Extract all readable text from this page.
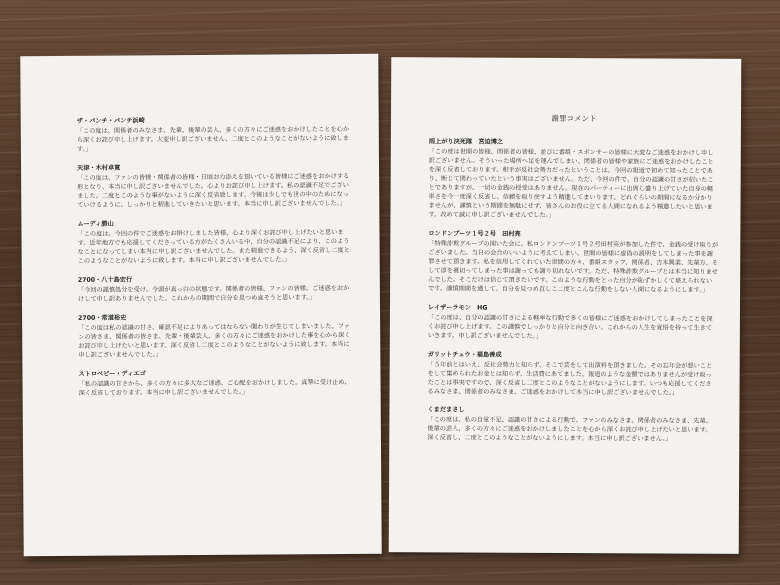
ザ・パンチ・パンチ浜崎

「この度は、関係者のみなさま、先輩、後輩の芸人、多くの方々にご迷惑をおかけしたことを心から深くお詫び申し上げます。大変申し訳ございません、二度とこのようなことがないように致します。」

天津・木村卓寛

「この度は、ファンの皆様・関係者の皆様・日頃お力添えを頂いている皆様にご迷惑をおかけする形となり、本当に申し訳ございませんでした。心よりお詫び申し上げます。私の認識不足でございました。二度とこのような事がないように深く反省致します。今後は少しでも世の中のためになっていけるように、しっかりと精進していきたいと思います。本当に申し訳ございませんでした。」

ムーディ勝山

「この度は、今回の件でご迷惑をお掛けしました皆様、心より深くお詫び申し上げたいと思います。近年地方でも応援してくださっている方がたくさんいる中、自分の認識不足により、このようなことになってしまい本当に申し訳ございませんでした。また精進できるよう、深く反省し二度とこのようなことがないように致します。本当に申し訳ございませんでした。」

2700・八十島宏行

「今回の謹慎処分を受け、今頭が真っ白の状態です。関係者の皆様、ファンの皆様、ご迷惑をおかけして申し訳ありませんでした。これからの期間で自分を見つめ直そうと思います。」

2700・常道裕史

「この度は私の認識の甘さ、確認不足によりあってはならない闇わりが生じてしまいました。ファンの皆さま、関係者の皆さま、先輩・後輩芸人、多くの方々にご迷惑をおかけした事を心から深くお詫び申し上げたいと思います。深く反省し二度とこのようなことがないように致します。本当に申し訳ございませんでした。」

ストロベビー・ディエゴ

「私の認識の甘さから、多くの方々に多大なご迷惑、ご心配をおかけしました。真摯に受け止め、深く反省しております。本当に申し訳ございませんでした。」

謝罪コメント

雨上がり決死隊　宮迫博之

「この度は世間の皆様、関係者の皆様、並びに番組・スポンサーの皆様に大変なご迷惑をおかけし申し訳ございません。そういった場所へ足を運んでしまい、関係者の皆様や家族にご迷惑をおかけしたことを深く反省しております。相手が反社会勢力だったということは、今回の報道で初めて知ったことであり、断じて関わっていたという事実はございません。ただ、今回の件で、自分の認識の甘さが招いたことでありますが、一切の金銭の授受はありません。現在のパーティーに出席し盛り上げていた自身の軽率さを今一度深く反省し、信頼を取り戻すよう精進してまいります。どれぐらいの期間になるか分かりませんが、謹慎という期間を無駄にせず、皆さんのお役に立てる人間になれるよう精進したいと思います。改めて誠に申し訳ございませんでした。」

ロンドンブーツ１号２号　田村亮

「特殊詐欺グループの開いた会に、私ロンドンブーツ１号２号田村亮が参加した件で、金銭の受け取りがございました。当日の会合のいいように考えてしまい、世間の皆様に虚偽の説明をしてしまった事を謝罪させて頂きます。私を信用してくれていた世間の方々、番組スタッフ、関係者、吉本興業、先輩方、そして淳を裏切ってしまった事は謝っても謝り切れないです。ただ、特殊詐欺グループとは本当に知りませんでした。そこだけは信じて頂きたいです。このような行動をとった自分が恥ずかしくて堪えられないです。謹慎期間を通して、自分を見つめ直しこ二度とこんな行動をしない人間になるようにします。」

レイザーラモン　HG

「この度は、自分の認識の甘さによる軽率な行動で多くの皆様にご迷惑をおかけしてしまったことを深くお詫び申し上げます。この謹慎でしっかりと自分と向き合い、これからの人生を覚悟を持って生きていきます。申し訳ございませんでした。」

ガリットチュウ・福島善成

「５年前とはいえ、反社会勢力と知らず、そこで芸をして出演料を頂きました。その忘年会が悪いことをして集められたお金とは知らず、生活費にあてました。報道のような金額ではありませんが受け取ったことは事実ですので、深く反省し二度とこのようなことがないようにします。いつも応援してくださるみなさま、関係者のみなさま、ご迷惑をおかけして本当に申し訳ございませんでした。」

くまだまさし

「この度は、私の自覚不足、認識の甘さによる行動で、ファンのみなさま、関係者のみなさま、先輩、後輩の芸人、多くの方々にご迷惑をおかけしましたことを心から深くお詫び申し上げたいと思います。深く反省し、二度とこのようなことがないようにします。本当に申し訳ございません。」
